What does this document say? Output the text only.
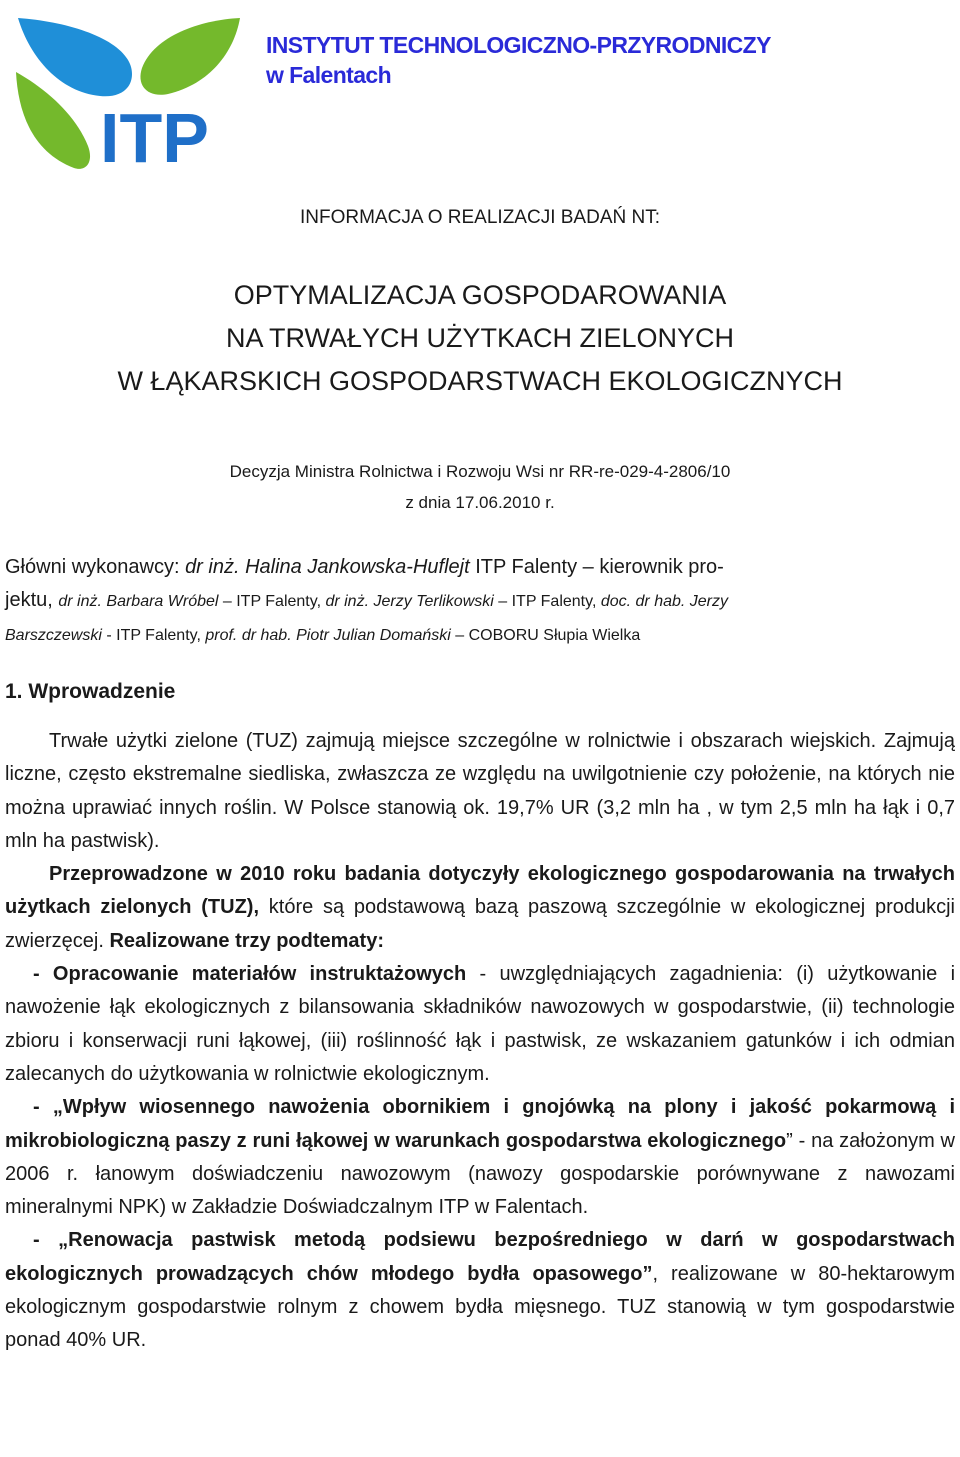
ITP
INSTYTUT TECHNOLOGICZNO-PRZYRODNICZY
w Falentach
INFORMACJA O REALIZACJI BADAŃ NT:
OPTYMALIZACJA GOSPODAROWANIA
NA TRWAŁYCH UŻYTKACH ZIELONYCH
W ŁĄKARSKICH GOSPODARSTWACH EKOLOGICZNYCH
Decyzja Ministra Rolnictwa i Rozwoju Wsi nr RR-re-029-4-2806/10
z dnia 17.06.2010 r.
Główni wykonawcy: dr inż. Halina Jankowska-Huflejt ITP Falenty – kierownik pro-
jektu, dr inż. Barbara Wróbel – ITP Falenty, dr inż. Jerzy Terlikowski – ITP Falenty, doc. dr hab. Jerzy
Barszczewski - ITP Falenty, prof. dr hab. Piotr Julian Domański – COBORU Słupia Wielka
1. Wprowadzenie
Trwałe użytki zielone (TUZ) zajmują miejsce szczególne w rolnictwie i obszarach wiejskich. Zajmują liczne, często ekstremalne siedliska, zwłaszcza ze względu na uwilgotnienie czy położenie, na których nie można uprawiać innych roślin. W Polsce stanowią ok. 19,7% UR (3,2 mln ha , w tym 2,5 mln ha łąk i 0,7 mln ha pastwisk).
Przeprowadzone w 2010 roku badania dotyczyły ekologicznego gospodarowania na trwałych użytkach zielonych (TUZ), które są podstawową bazą paszową szczególnie w ekologicznej produkcji zwierzęcej. Realizowane trzy podtematy:
- Opracowanie materiałów instruktażowych - uwzględniających zagadnienia: (i) użytkowanie i nawożenie łąk ekologicznych z bilansowania składników nawozowych w gospodarstwie, (ii) technologie zbioru i konserwacji runi łąkowej, (iii) roślinność łąk i pastwisk, ze wskazaniem gatunków i ich odmian zalecanych do użytkowania w rolnictwie ekologicznym.
- „Wpływ wiosennego nawożenia obornikiem i gnojówką na plony i jakość pokarmową i mikrobiologiczną paszy z runi łąkowej w warunkach gospodarstwa ekologicznego” - na założonym w 2006 r. łanowym doświadczeniu nawozowym (nawozy gospodarskie porównywane z nawozami mineralnymi NPK) w Zakładzie Doświadczalnym ITP w Falentach.
- „Renowacja pastwisk metodą podsiewu bezpośredniego w darń w gospodarstwach ekologicznych prowadzących chów młodego bydła opasowego”, realizowane w 80-hektarowym ekologicznym gospodarstwie rolnym z chowem bydła mięsnego. TUZ stanowią w tym gospodarstwie ponad 40% UR.
